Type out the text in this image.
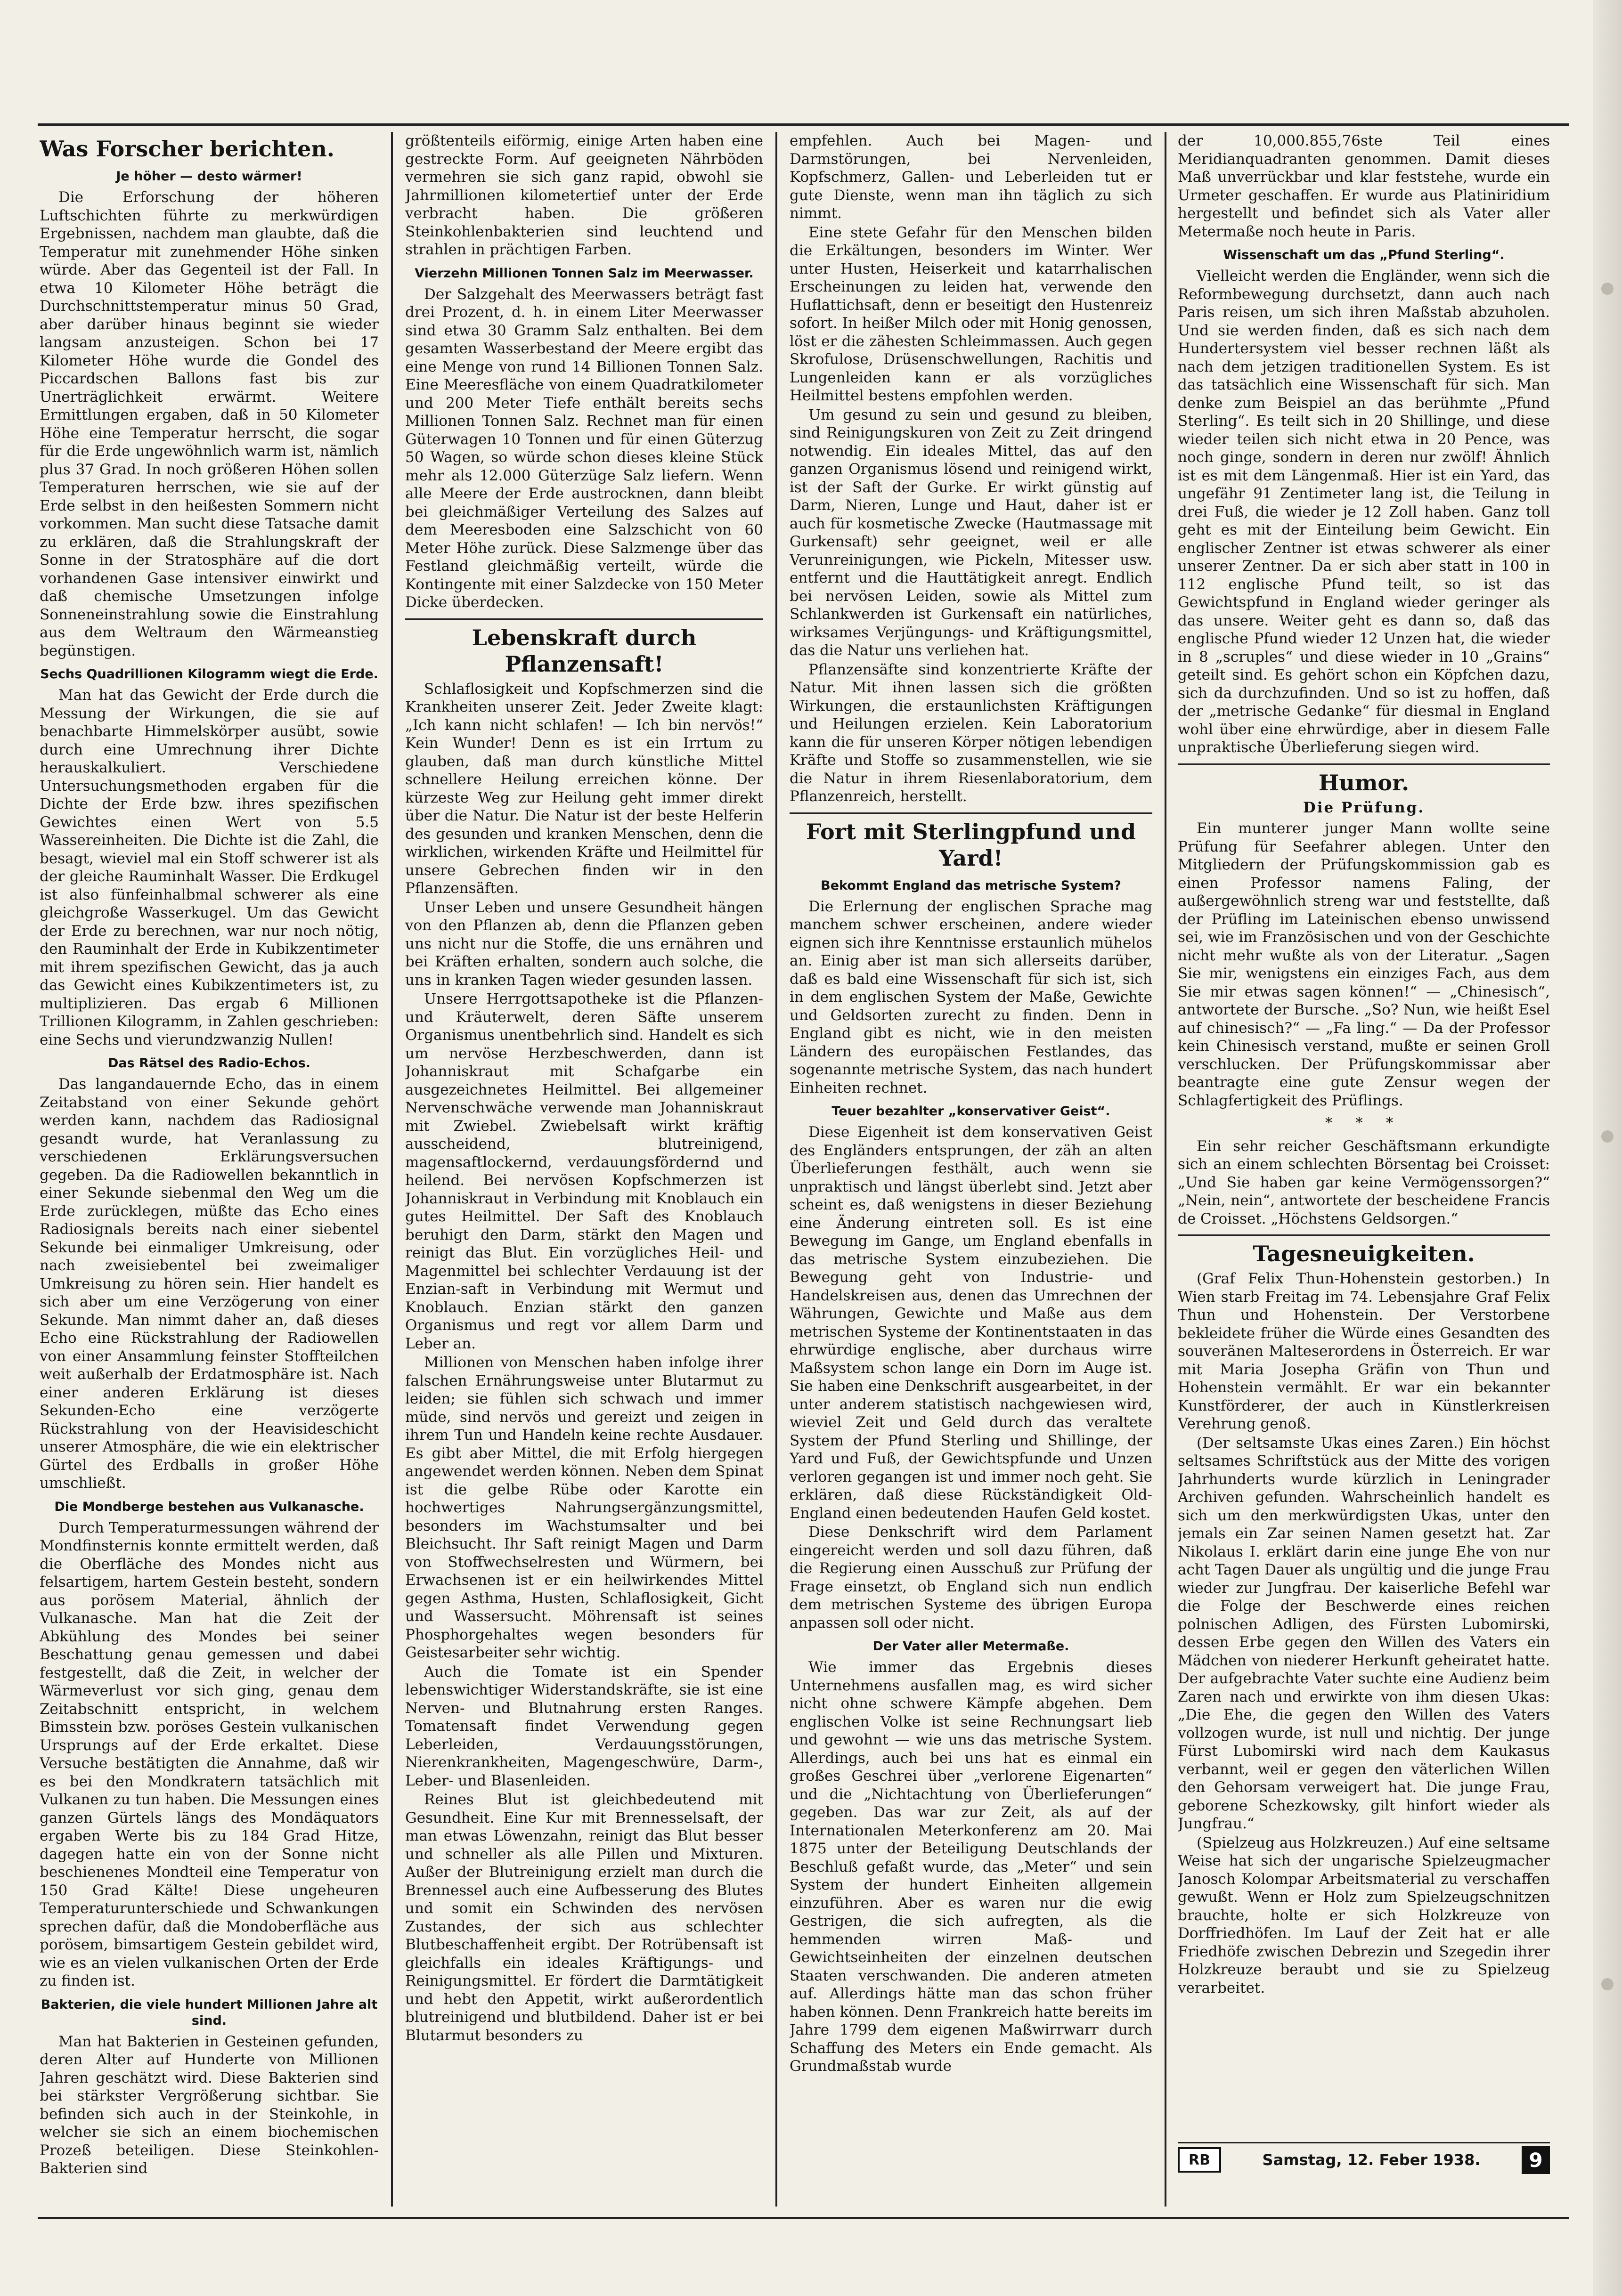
Was Forscher berichten.
Je höher — desto wärmer!

Die Erforschung der höheren Luftschichten führte zu merkwürdigen Ergebnissen, nachdem man glaubte, daß die Temperatur mit zunehmender Höhe sinken würde. Aber das Gegenteil ist der Fall. In etwa 10 Kilometer Höhe beträgt die Durchschnittstemperatur minus 50 Grad, aber darüber hinaus beginnt sie wieder langsam anzusteigen. Schon bei 17 Kilometer Höhe wurde die Gondel des Piccardschen Ballons fast bis zur Unerträglichkeit erwärmt. Weitere Ermittlungen ergaben, daß in 50 Kilometer Höhe eine Temperatur herrscht, die sogar für die Erde ungewöhnlich warm ist, nämlich plus 37 Grad. In noch größeren Höhen sollen Temperaturen herrschen, wie sie auf der Erde selbst in den heißesten Sommern nicht vorkommen. Man sucht diese Tatsache damit zu erklären, daß die Strahlungskraft der Sonne in der Stratosphäre auf die dort vorhandenen Gase intensiver einwirkt und daß chemische Umsetzungen infolge Sonneneinstrahlung sowie die Einstrahlung aus dem Weltraum den Wärmeanstieg begünstigen.

Sechs Quadrillionen Kilogramm wiegt die Erde.

Man hat das Gewicht der Erde durch die Messung der Wirkungen, die sie auf benachbarte Himmelskörper ausübt, sowie durch eine Umrechnung ihrer Dichte herauskalkuliert. Verschiedene Untersuchungsmethoden ergaben für die Dichte der Erde bzw. ihres spezifischen Gewichtes einen Wert von 5.5 Wassereinheiten. Die Dichte ist die Zahl, die besagt, wieviel mal ein Stoff schwerer ist als der gleiche Rauminhalt Wasser. Die Erdkugel ist also fünfeinhalbmal schwerer als eine gleichgroße Wasserkugel. Um das Gewicht der Erde zu berechnen, war nur noch nötig, den Rauminhalt der Erde in Kubikzentimeter mit ihrem spezifischen Gewicht, das ja auch das Gewicht eines Kubikzentimeters ist, zu multiplizieren. Das ergab 6 Millionen Trillionen Kilogramm, in Zahlen geschrieben: eine Sechs und vierundzwanzig Nullen!

Das Rätsel des Radio-Echos.

Das langandauernde Echo, das in einem Zeitabstand von einer Sekunde gehört werden kann, nachdem das Radiosignal gesandt wurde, hat Veranlassung zu verschiedenen Erklärungsversuchen gegeben. Da die Radiowellen bekanntlich in einer Sekunde siebenmal den Weg um die Erde zurücklegen, müßte das Echo eines Radiosignals bereits nach einer siebentel Sekunde bei einmaliger Umkreisung, oder nach zweisiebentel bei zweimaliger Umkreisung zu hören sein. Hier handelt es sich aber um eine Verzögerung von einer Sekunde. Man nimmt daher an, daß dieses Echo eine Rückstrahlung der Radiowellen von einer Ansammlung feinster Stoffteilchen weit außerhalb der Erdatmosphäre ist. Nach einer anderen Erklärung ist dieses Sekunden-Echo eine verzögerte Rückstrahlung von der Heavisideschicht unserer Atmosphäre, die wie ein elektrischer Gürtel des Erdballs in großer Höhe umschließt.

Die Mondberge bestehen aus Vulkanasche.

Durch Temperaturmessungen während der Mondfinsternis konnte ermittelt werden, daß die Oberfläche des Mondes nicht aus felsartigem, hartem Gestein besteht, sondern aus porösem Material, ähnlich der Vulkanasche. Man hat die Zeit der Abkühlung des Mondes bei seiner Beschattung genau gemessen und dabei festgestellt, daß die Zeit, in welcher der Wärmeverlust vor sich ging, genau dem Zeitabschnitt entspricht, in welchem Bimsstein bzw. poröses Gestein vulkanischen Ursprungs auf der Erde erkaltet. Diese Versuche bestätigten die Annahme, daß wir es bei den Mondkratern tatsächlich mit Vulkanen zu tun haben. Die Messungen eines ganzen Gürtels längs des Mondäquators ergaben Werte bis zu 184 Grad Hitze, dagegen hatte ein von der Sonne nicht beschienenes Mondteil eine Temperatur von 150 Grad Kälte! Diese ungeheuren Temperaturunterschiede und Schwankungen sprechen dafür, daß die Mondoberfläche aus porösem, bimsartigem Gestein gebildet wird, wie es an vielen vulkanischen Orten der Erde zu finden ist.

Bakterien, die viele hundert Millionen Jahre alt sind.

Man hat Bakterien in Gesteinen gefunden, deren Alter auf Hunderte von Millionen Jahren geschätzt wird. Diese Bakterien sind bei stärkster Vergrößerung sichtbar. Sie befinden sich auch in der Steinkohle, in welcher sie sich an einem biochemischen Prozeß beteiligen. Diese Steinkohlen-Bakterien sind

größtenteils eiförmig, einige Arten haben eine gestreckte Form. Auf geeigneten Nährböden vermehren sie sich ganz rapid, obwohl sie Jahrmillionen kilometertief unter der Erde verbracht haben. Die größeren Steinkohlenbakterien sind leuchtend und strahlen in prächtigen Farben.

Vierzehn Millionen Tonnen Salz im Meerwasser.

Der Salzgehalt des Meerwassers beträgt fast drei Prozent, d. h. in einem Liter Meerwasser sind etwa 30 Gramm Salz enthalten. Bei dem gesamten Wasserbestand der Meere ergibt das eine Menge von rund 14 Billionen Tonnen Salz. Eine Meeresfläche von einem Quadratkilometer und 200 Meter Tiefe enthält bereits sechs Millionen Tonnen Salz. Rechnet man für einen Güterwagen 10 Tonnen und für einen Güterzug 50 Wagen, so würde schon dieses kleine Stück mehr als 12.000 Güterzüge Salz liefern. Wenn alle Meere der Erde austrocknen, dann bleibt bei gleichmäßiger Verteilung des Salzes auf dem Meeresboden eine Salzschicht von 60 Meter Höhe zurück. Diese Salzmenge über das Festland gleichmäßig verteilt, würde die Kontingente mit einer Salzdecke von 150 Meter Dicke überdecken.

Lebenskraft durch Pflanzensaft!

Schlaflosigkeit und Kopfschmerzen sind die Krankheiten unserer Zeit. Jeder Zweite klagt: „Ich kann nicht schlafen! — Ich bin nervös!“ Kein Wunder! Denn es ist ein Irrtum zu glauben, daß man durch künstliche Mittel schnellere Heilung erreichen könne. Der kürzeste Weg zur Heilung geht immer direkt über die Natur. Die Natur ist der beste Helferin des gesunden und kranken Menschen, denn die wirklichen, wirkenden Kräfte und Heilmittel für unsere Gebrechen finden wir in den Pflanzensäften.

Unser Leben und unsere Gesundheit hängen von den Pflanzen ab, denn die Pflanzen geben uns nicht nur die Stoffe, die uns ernähren und bei Kräften erhalten, sondern auch solche, die uns in kranken Tagen wieder gesunden lassen.

Unsere Herrgottsapotheke ist die Pflanzen- und Kräuterwelt, deren Säfte unserem Organismus unentbehrlich sind. Handelt es sich um nervöse Herzbeschwerden, dann ist Johanniskraut mit Schafgarbe ein ausgezeichnetes Heilmittel. Bei allgemeiner Nervenschwäche verwende man Johanniskraut mit Zwiebel. Zwiebelsaft wirkt kräftig ausscheidend, blutreinigend, magensaftlockernd, verdauungsfördernd und heilend. Bei nervösen Kopfschmerzen ist Johanniskraut in Verbindung mit Knoblauch ein gutes Heilmittel. Der Saft des Knoblauch beruhigt den Darm, stärkt den Magen und reinigt das Blut. Ein vorzügliches Heil- und Magenmittel bei schlechter Verdauung ist der Enzian-saft in Verbindung mit Wermut und Knoblauch. Enzian stärkt den ganzen Organismus und regt vor allem Darm und Leber an.

Millionen von Menschen haben infolge ihrer falschen Ernährungsweise unter Blutarmut zu leiden; sie fühlen sich schwach und immer müde, sind nervös und gereizt und zeigen in ihrem Tun und Handeln keine rechte Ausdauer. Es gibt aber Mittel, die mit Erfolg hiergegen angewendet werden können. Neben dem Spinat ist die gelbe Rübe oder Karotte ein hochwertiges Nahrungsergänzungsmittel, besonders im Wachstumsalter und bei Bleichsucht. Ihr Saft reinigt Magen und Darm von Stoffwechselresten und Würmern, bei Erwachsenen ist er ein heilwirkendes Mittel gegen Asthma, Husten, Schlaflosigkeit, Gicht und Wassersucht. Möhrensaft ist seines Phosphorgehaltes wegen besonders für Geistesarbeiter sehr wichtig.

Auch die Tomate ist ein Spender lebenswichtiger Widerstandskräfte, sie ist eine Nerven- und Blutnahrung ersten Ranges. Tomatensaft findet Verwendung gegen Leberleiden, Verdauungsstörungen, Nierenkrankheiten, Magengeschwüre, Darm-, Leber- und Blasenleiden.

Reines Blut ist gleichbedeutend mit Gesundheit. Eine Kur mit Brennesselsaft, der man etwas Löwenzahn, reinigt das Blut besser und schneller als alle Pillen und Mixturen. Außer der Blutreinigung erzielt man durch die Brennessel auch eine Aufbesserung des Blutes und somit ein Schwinden des nervösen Zustandes, der sich aus schlechter Blutbeschaffenheit ergibt. Der Rotrübensaft ist gleichfalls ein ideales Kräftigungs- und Reinigungsmittel. Er fördert die Darmtätigkeit und hebt den Appetit, wirkt außerordentlich blutreinigend und blutbildend. Daher ist er bei Blutarmut besonders zu

empfehlen. Auch bei Magen- und Darmstörungen, bei Nervenleiden, Kopfschmerz, Gallen- und Leberleiden tut er gute Dienste, wenn man ihn täglich zu sich nimmt.

Eine stete Gefahr für den Menschen bilden die Erkältungen, besonders im Winter. Wer unter Husten, Heiserkeit und katarrhalischen Erscheinungen zu leiden hat, verwende den Huflattichsaft, denn er beseitigt den Hustenreiz sofort. In heißer Milch oder mit Honig genossen, löst er die zähesten Schleimmassen. Auch gegen Skrofulose, Drüsenschwellungen, Rachitis und Lungenleiden kann er als vorzügliches Heilmittel bestens empfohlen werden.

Um gesund zu sein und gesund zu bleiben, sind Reinigungskuren von Zeit zu Zeit dringend notwendig. Ein ideales Mittel, das auf den ganzen Organismus lösend und reinigend wirkt, ist der Saft der Gurke. Er wirkt günstig auf Darm, Nieren, Lunge und Haut, daher ist er auch für kosmetische Zwecke (Hautmassage mit Gurkensaft) sehr geeignet, weil er alle Verunreinigungen, wie Pickeln, Mitesser usw. entfernt und die Hauttätigkeit anregt. Endlich bei nervösen Leiden, sowie als Mittel zum Schlankwerden ist Gurkensaft ein natürliches, wirksames Verjüngungs- und Kräftigungsmittel, das die Natur uns verliehen hat.

Pflanzensäfte sind konzentrierte Kräfte der Natur. Mit ihnen lassen sich die größten Wirkungen, die erstaunlichsten Kräftigungen und Heilungen erzielen. Kein Laboratorium kann die für unseren Körper nötigen lebendigen Kräfte und Stoffe so zusammenstellen, wie sie die Natur in ihrem Riesenlaboratorium, dem Pflanzenreich, herstellt.

Fort mit Sterlingpfund und Yard!
Bekommt England das metrische System?

Die Erlernung der englischen Sprache mag manchem schwer erscheinen, andere wieder eignen sich ihre Kenntnisse erstaunlich mühelos an. Einig aber ist man sich allerseits darüber, daß es bald eine Wissenschaft für sich ist, sich in dem englischen System der Maße, Gewichte und Geldsorten zurecht zu finden. Denn in England gibt es nicht, wie in den meisten Ländern des europäischen Festlandes, das sogenannte metrische System, das nach hundert Einheiten rechnet.

Teuer bezahlter „konservativer Geist“.

Diese Eigenheit ist dem konservativen Geist des Engländers entsprungen, der zäh an alten Überlieferungen festhält, auch wenn sie unpraktisch und längst überlebt sind. Jetzt aber scheint es, daß wenigstens in dieser Beziehung eine Änderung eintreten soll. Es ist eine Bewegung im Gange, um England ebenfalls in das metrische System einzubeziehen. Die Bewegung geht von Industrie- und Handelskreisen aus, denen das Umrechnen der Währungen, Gewichte und Maße aus dem metrischen Systeme der Kontinentstaaten in das ehrwürdige englische, aber durchaus wirre Maßsystem schon lange ein Dorn im Auge ist. Sie haben eine Denkschrift ausgearbeitet, in der unter anderem statistisch nachgewiesen wird, wieviel Zeit und Geld durch das veraltete System der Pfund Sterling und Shillinge, der Yard und Fuß, der Gewichtspfunde und Unzen verloren gegangen ist und immer noch geht. Sie erklären, daß diese Rückständigkeit Old-England einen bedeutenden Haufen Geld kostet.

Diese Denkschrift wird dem Parlament eingereicht werden und soll dazu führen, daß die Regierung einen Ausschuß zur Prüfung der Frage einsetzt, ob England sich nun endlich dem metrischen Systeme des übrigen Europa anpassen soll oder nicht.

Der Vater aller Metermaße.

Wie immer das Ergebnis dieses Unternehmens ausfallen mag, es wird sicher nicht ohne schwere Kämpfe abgehen. Dem englischen Volke ist seine Rechnungsart lieb und gewohnt — wie uns das metrische System. Allerdings, auch bei uns hat es einmal ein großes Geschrei über „verlorene Eigenarten“ und die „Nichtachtung von Überlieferungen“ gegeben. Das war zur Zeit, als auf der Internationalen Meterkonferenz am 20. Mai 1875 unter der Beteiligung Deutschlands der Beschluß gefaßt wurde, das „Meter“ und sein System der hundert Einheiten allgemein einzuführen. Aber es waren nur die ewig Gestrigen, die sich aufregten, als die hemmenden wirren Maß- und Gewichtseinheiten der einzelnen deutschen Staaten verschwanden. Die anderen atmeten auf. Allerdings hätte man das schon früher haben können. Denn Frankreich hatte bereits im Jahre 1799 dem eigenen Maßwirrwarr durch Schaffung des Meters ein Ende gemacht. Als Grundmaßstab wurde

der 10,000.855,76ste Teil eines Meridianquadranten genommen. Damit dieses Maß unverrückbar und klar feststehe, wurde ein Urmeter geschaffen. Er wurde aus Platiniridium hergestellt und befindet sich als Vater aller Metermaße noch heute in Paris.

Wissenschaft um das „Pfund Sterling“.

Vielleicht werden die Engländer, wenn sich die Reformbewegung durchsetzt, dann auch nach Paris reisen, um sich ihren Maßstab abzuholen. Und sie werden finden, daß es sich nach dem Hundertersystem viel besser rechnen läßt als nach dem jetzigen traditionellen System. Es ist das tatsächlich eine Wissenschaft für sich. Man denke zum Beispiel an das berühmte „Pfund Sterling“. Es teilt sich in 20 Shillinge, und diese wieder teilen sich nicht etwa in 20 Pence, was noch ginge, sondern in deren nur zwölf! Ähnlich ist es mit dem Längenmaß. Hier ist ein Yard, das ungefähr 91 Zentimeter lang ist, die Teilung in drei Fuß, die wieder je 12 Zoll haben. Ganz toll geht es mit der Einteilung beim Gewicht. Ein englischer Zentner ist etwas schwerer als einer unserer Zentner. Da er sich aber statt in 100 in 112 englische Pfund teilt, so ist das Gewichtspfund in England wieder geringer als das unsere. Weiter geht es dann so, daß das englische Pfund wieder 12 Unzen hat, die wieder in 8 „scruples“ und diese wieder in 10 „Grains“ geteilt sind. Es gehört schon ein Köpfchen dazu, sich da durchzufinden. Und so ist zu hoffen, daß der „metrische Gedanke“ für diesmal in England wohl über eine ehrwürdige, aber in diesem Falle unpraktische Überlieferung siegen wird.

Humor.
Die Prüfung.

Ein munterer junger Mann wollte seine Prüfung für Seefahrer ablegen. Unter den Mitgliedern der Prüfungskommission gab es einen Professor namens Faling, der außergewöhnlich streng war und feststellte, daß der Prüfling im Lateinischen ebenso unwissend sei, wie im Französischen und von der Geschichte nicht mehr wußte als von der Literatur. „Sagen Sie mir, wenigstens ein einziges Fach, aus dem Sie mir etwas sagen können!“ — „Chinesisch“, antwortete der Bursche. „So? Nun, wie heißt Esel auf chinesisch?“ — „Fa ling.“ — Da der Professor kein Chinesisch verstand, mußte er seinen Groll verschlucken. Der Prüfungskommissar aber beantragte eine gute Zensur wegen der Schlagfertigkeit des Prüflings.

* * *

Ein sehr reicher Geschäftsmann erkundigte sich an einem schlechten Börsentag bei Croisset: „Und Sie haben gar keine Vermögenssorgen?“ „Nein, nein“, antwortete der bescheidene Francis de Croisset. „Höchstens Geldsorgen.“

Tagesneuigkeiten.

(Graf Felix Thun-Hohenstein gestorben.) In Wien starb Freitag im 74. Lebensjahre Graf Felix Thun und Hohenstein. Der Verstorbene bekleidete früher die Würde eines Gesandten des souveränen Malteserordens in Österreich. Er war mit Maria Josepha Gräfin von Thun und Hohenstein vermählt. Er war ein bekannter Kunstförderer, der auch in Künstlerkreisen Verehrung genoß.

(Der seltsamste Ukas eines Zaren.) Ein höchst seltsames Schriftstück aus der Mitte des vorigen Jahrhunderts wurde kürzlich in Leningrader Archiven gefunden. Wahrscheinlich handelt es sich um den merkwürdigsten Ukas, unter den jemals ein Zar seinen Namen gesetzt hat. Zar Nikolaus I. erklärt darin eine junge Ehe von nur acht Tagen Dauer als ungültig und die junge Frau wieder zur Jungfrau. Der kaiserliche Befehl war die Folge der Beschwerde eines reichen polnischen Adligen, des Fürsten Lubomirski, dessen Erbe gegen den Willen des Vaters ein Mädchen von niederer Herkunft geheiratet hatte. Der aufgebrachte Vater suchte eine Audienz beim Zaren nach und erwirkte von ihm diesen Ukas: „Die Ehe, die gegen den Willen des Vaters vollzogen wurde, ist null und nichtig. Der junge Fürst Lubomirski wird nach dem Kaukasus verbannt, weil er gegen den väterlichen Willen den Gehorsam verweigert hat. Die junge Frau, geborene Schezkowsky, gilt hinfort wieder als Jungfrau.“

(Spielzeug aus Holzkreuzen.) Auf eine seltsame Weise hat sich der ungarische Spielzeugmacher Janosch Kolompar Arbeitsmaterial zu verschaffen gewußt. Wenn er Holz zum Spielzeugschnitzen brauchte, holte er sich Holzkreuze von Dorffriedhöfen. Im Lauf der Zeit hat er alle Friedhöfe zwischen Debrezin und Szegedin ihrer Holzkreuze beraubt und sie zu Spielzeug verarbeitet.

RB	Samstag, 12. Feber 1938.	9
